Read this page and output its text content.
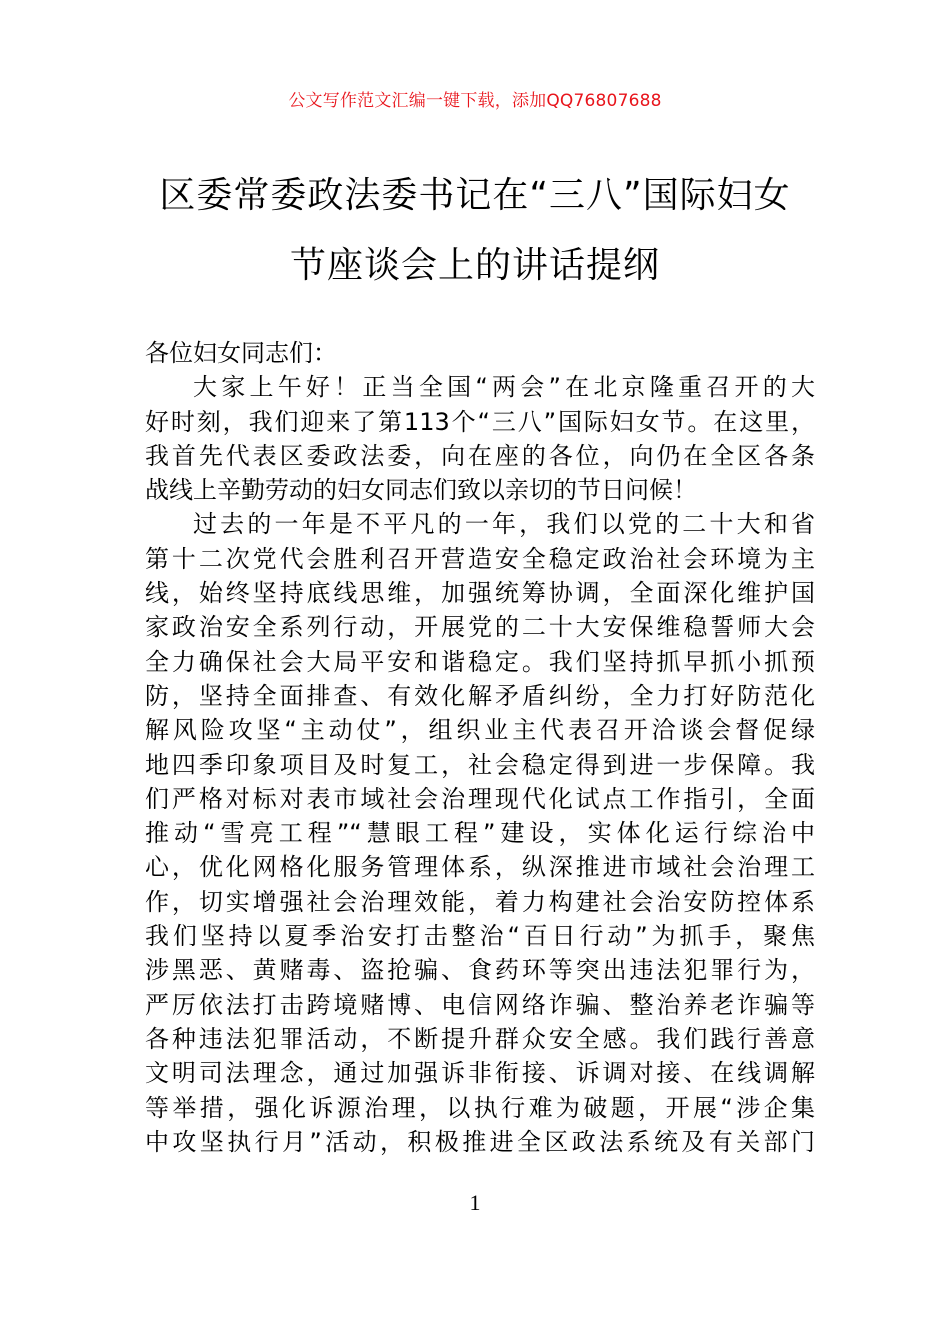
公文写作范文汇编一键下载，添加QQ76807688
区委常委政法委书记在“三八”国际妇女
节座谈会上的讲话提纲
各位妇女同志们：
大家上午好！正当全国“两会”在北京隆重召开的大
好时刻，我们迎来了第113个“三八”国际妇女节。在这里，
我首先代表区委政法委，向在座的各位，向仍在全区各条
战线上辛勤劳动的妇女同志们致以亲切的节日问候！
过去的一年是不平凡的一年，我们以党的二十大和省
第十二次党代会胜利召开营造安全稳定政治社会环境为主
线，始终坚持底线思维，加强统筹协调，全面深化维护国
家政治安全系列行动，开展党的二十大安保维稳誓师大会
全力确保社会大局平安和谐稳定。我们坚持抓早抓小抓预
防，坚持全面排查、有效化解矛盾纠纷，全力打好防范化
解风险攻坚“主动仗”，组织业主代表召开洽谈会督促绿
地四季印象项目及时复工，社会稳定得到进一步保障。我
们严格对标对表市域社会治理现代化试点工作指引，全面
推动“雪亮工程”“慧眼工程”建设，实体化运行综治中
心，优化网格化服务管理体系，纵深推进市域社会治理工
作，切实增强社会治理效能，着力构建社会治安防控体系
我们坚持以夏季治安打击整治“百日行动”为抓手，聚焦
涉黑恶、黄赌毒、盗抢骗、食药环等突出违法犯罪行为，
严厉依法打击跨境赌博、电信网络诈骗、整治养老诈骗等
各种违法犯罪活动，不断提升群众安全感。我们践行善意
文明司法理念，通过加强诉非衔接、诉调对接、在线调解
等举措，强化诉源治理，以执行难为破题，开展“涉企集
中攻坚执行月”活动，积极推进全区政法系统及有关部门
1
